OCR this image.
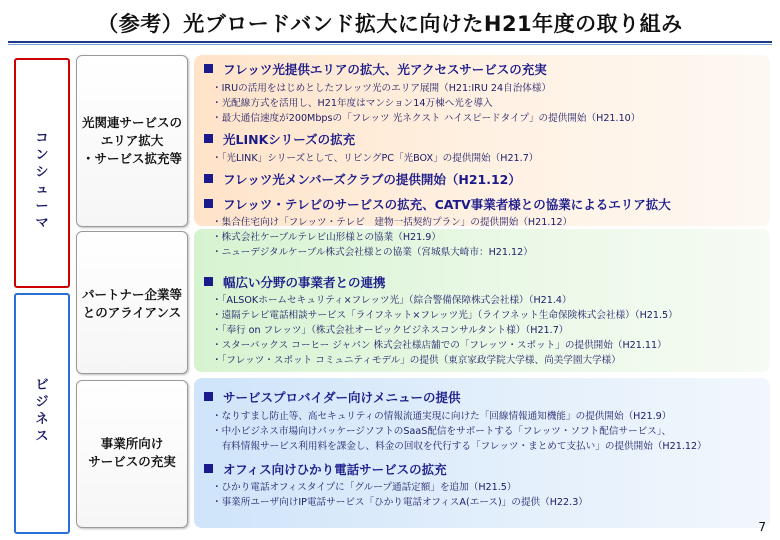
（参考）光ブロードバンド拡大に向けたH21年度の取り組み
コ
ン
シ
ュ
ー
マ
ビ
ジ
ネ
ス
光関連サービスの
エリア拡大
・サービス拡充等
パートナー企業等
とのアライアンス
事業所向け
サービスの充実
フレッツ光提供エリアの拡大、光アクセスサービスの充実
・IRUの活用をはじめとしたフレッツ光のエリア展開（H21:IRU 24自治体様）
・光配線方式を活用し、H21年度はマンション14万棟へ光を導入
・最大通信速度が200Mbpsの「フレッツ 光ネクスト ハイスピードタイプ」の提供開始（H21.10）
光LINKシリーズの拡充
・「光LINK」シリーズとして、リビングPC「光BOX」の提供開始（H21.7）
フレッツ光メンバーズクラブの提供開始（H21.12）
フレッツ・テレビのサービスの拡充、CATV事業者様との協業によるエリア拡大
・集合住宅向け「フレッツ・テレビ　建物一括契約プラン」の提供開始（H21.12）
・株式会社ケーブルテレビ山形様との協業（H21.9）
・ニューデジタルケーブル株式会社様との協業（宮城県大崎市：H21.12）
幅広い分野の事業者との連携
・「ALSOKホームセキュリティ×フレッツ光」（綜合警備保障株式会社様）（H21.4）
・遠隔テレビ電話相談サービス「ライフネット×フレッツ光」（ライフネット生命保険株式会社様）（H21.5）
・「奉行 on フレッツ」（株式会社オービックビジネスコンサルタント様）（H21.7）
・スターバックス コーヒー ジャパン 株式会社様店舗での「フレッツ・スポット」の提供開始（H21.11）
・「フレッツ・スポット コミュニティモデル」の提供（東京家政学院大学様、尚美学園大学様）
サービスプロバイダー向けメニューの提供
・なりすまし防止等、高セキュリティの情報流通実現に向けた「回線情報通知機能」の提供開始（H21.9）
・中小ビジネス市場向けパッケージソフトのSaaS配信をサポートする「フレッツ・ソフト配信サービス」、
　有料情報サービス利用料を課金し、料金の回収を代行する「フレッツ・まとめて支払い」の提供開始（H21.12）
オフィス向けひかり電話サービスの拡充
・ひかり電話オフィスタイプに「グループ通話定額」を追加（H21.5）
・事業所ユーザ向けIP電話サービス「ひかり電話オフィスA(エース)」の提供（H22.3）
7
